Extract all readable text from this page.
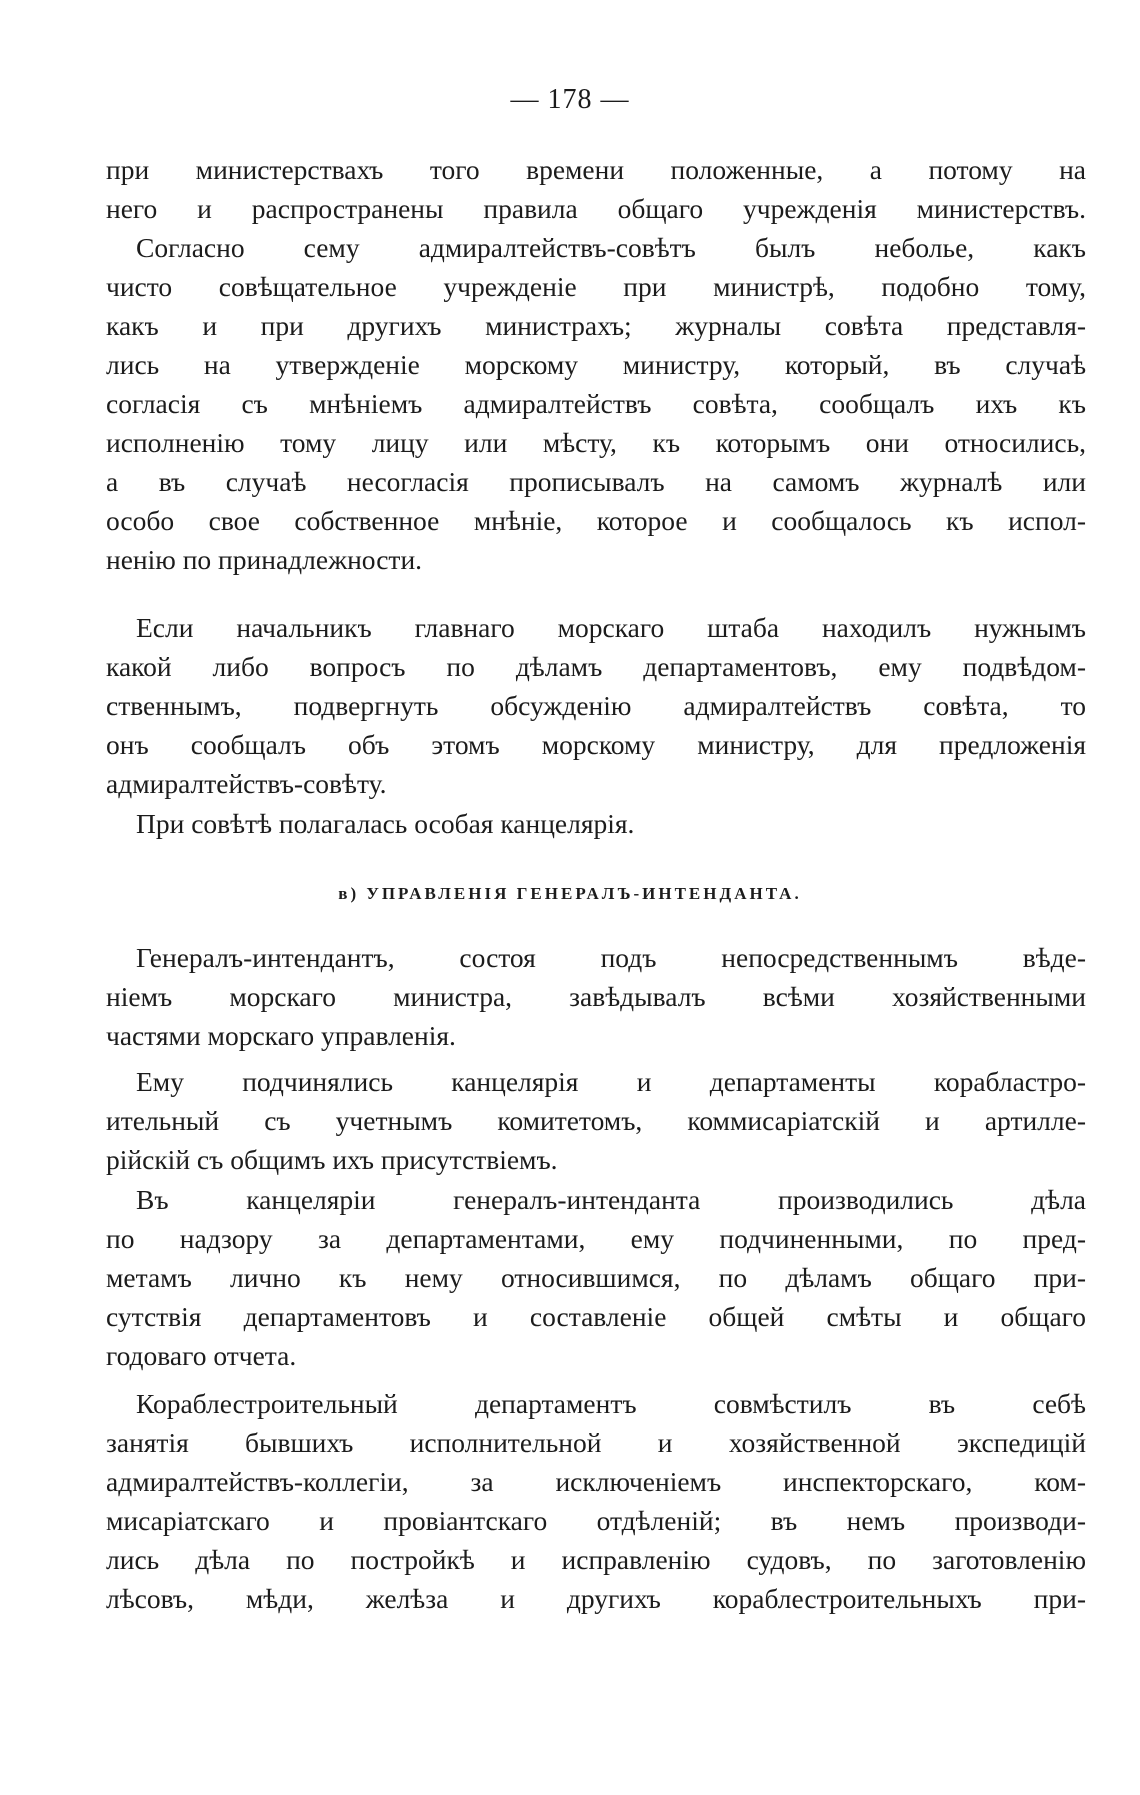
— 178 —
при министерствахъ того времени положенные, а потому на
него и распространены правила общаго учрежденія министерствъ.
Согласно сему адмиралтействъ-совѣтъ былъ неболье, какъ
чисто совѣщательное учрежденіе при министрѣ, подобно тому,
какъ и при другихъ министрахъ; журналы совѣта представля-
лись на утвержденіе морскому министру, который, въ случаѣ
согласія съ мнѣніемъ адмиралтействъ совѣта, сообщалъ ихъ къ
исполненію тому лицу или мѣсту, къ которымъ они относились,
а въ случаѣ несогласія прописывалъ на самомъ журналѣ или
особо свое собственное мнѣніе, которое и сообщалось къ испол-
ненію по принадлежности.
Если начальникъ главнаго морскаго штаба находилъ нужнымъ
какой либо вопросъ по дѣламъ департаментовъ, ему подвѣдом-
ственнымъ, подвергнуть обсужденію адмиралтействъ совѣта, то
онъ сообщалъ объ этомъ морскому министру, для предложенія
адмиралтействъ-совѣту.
При совѣтѣ полагалась особая канцелярія.
в) УПРАВЛЕНІЯ ГЕНЕРАЛЪ-ИНТЕНДАНТА.
Генералъ-интендантъ, состоя подъ непосредственнымъ вѣде-
ніемъ морскаго министра, завѣдывалъ всѣми хозяйственными
частями морскаго управленія.
Ему подчинялись канцелярія и департаменты корабластро-
ительный съ учетнымъ комитетомъ, коммисаріатскій и артилле-
рійскій съ общимъ ихъ присутствіемъ.
Въ канцеляріи генералъ-интенданта производились дѣла
по надзору за департаментами, ему подчиненными, по пред-
метамъ лично къ нему относившимся, по дѣламъ общаго при-
сутствія департаментовъ и составленіе общей смѣты и общаго
годоваго отчета.
Кораблестроительный департаментъ совмѣстилъ въ себѣ
занятія бывшихъ исполнительной и хозяйственной экспедицій
адмиралтействъ-коллегіи, за исключеніемъ инспекторскаго, ком-
мисаріатскаго и провіантскаго отдѣленій; въ немъ производи-
лись дѣла по постройкѣ и исправленію судовъ, по заготовленію
лѣсовъ, мѣди, желѣза и другихъ кораблестроительныхъ при-
